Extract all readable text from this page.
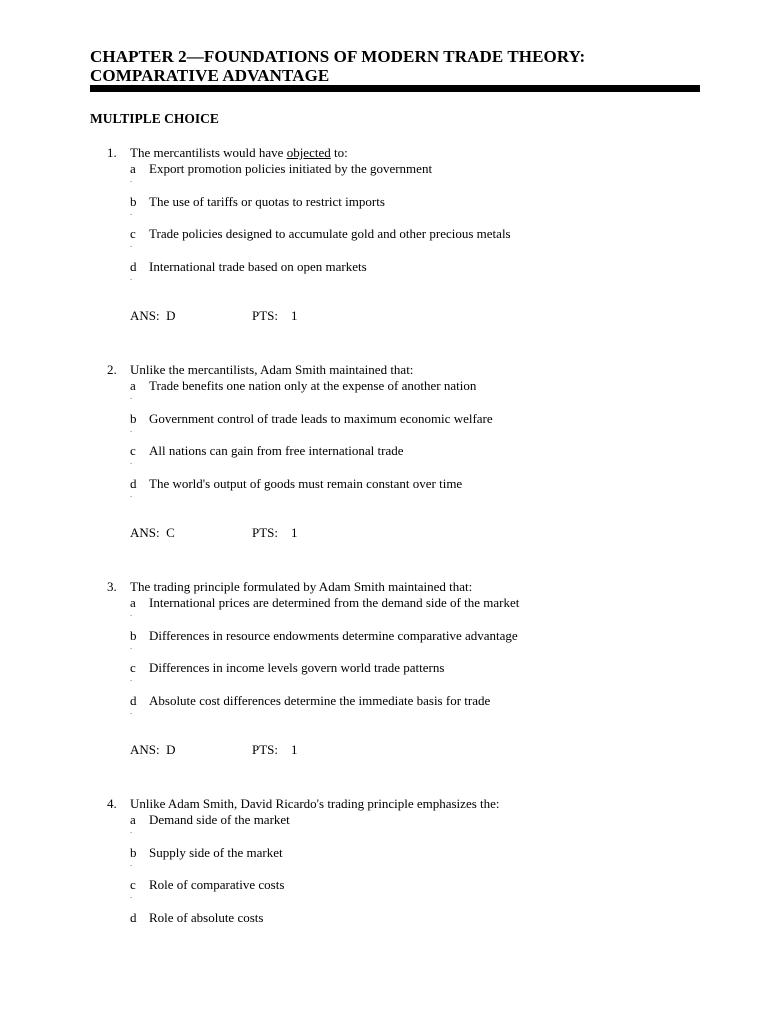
CHAPTER 2—FOUNDATIONS OF MODERN TRADE THEORY: COMPARATIVE ADVANTAGE
MULTIPLE CHOICE
1. The mercantilists would have objected to:
a Export promotion policies initiated by the government
.
b The use of tariffs or quotas to restrict imports
.
c Trade policies designed to accumulate gold and other precious metals
.
d International trade based on open markets
.
ANS: D	PTS: 1
2. Unlike the mercantilists, Adam Smith maintained that:
a Trade benefits one nation only at the expense of another nation
.
b Government control of trade leads to maximum economic welfare
.
c All nations can gain from free international trade
.
d The world's output of goods must remain constant over time
.
ANS: C	PTS: 1
3. The trading principle formulated by Adam Smith maintained that:
a International prices are determined from the demand side of the market
.
b Differences in resource endowments determine comparative advantage
.
c Differences in income levels govern world trade patterns
.
d Absolute cost differences determine the immediate basis for trade
.
ANS: D	PTS: 1
4. Unlike Adam Smith, David Ricardo's trading principle emphasizes the:
a Demand side of the market
.
b Supply side of the market
.
c Role of comparative costs
.
d Role of absolute costs
